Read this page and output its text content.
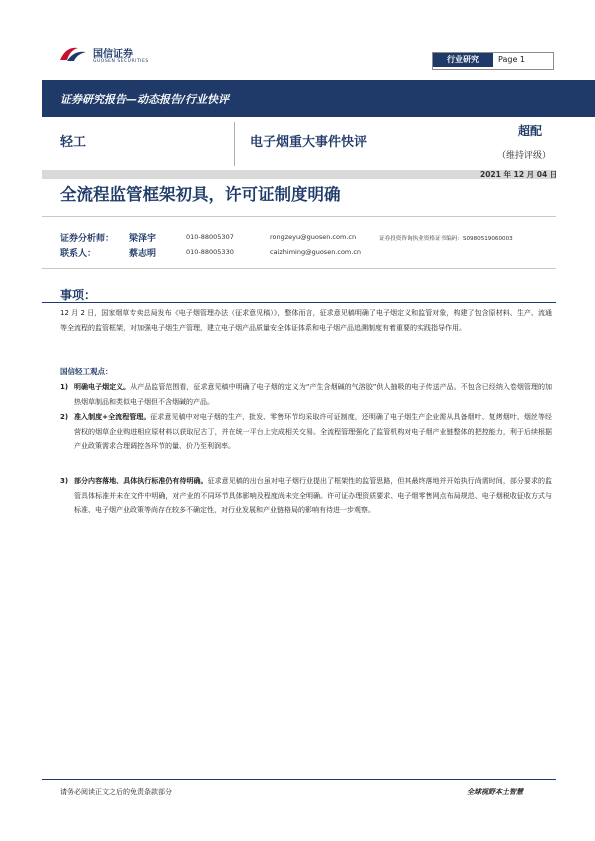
国信证券
GUOSEN SECURITIES	行业研究	Page 1
证券研究报告—动态报告/行业快评
轻工	电子烟重大事件快评
超配
（维持评级）
2021 年 12 月 04 日
全流程监管框架初具，许可证制度明确
证券分析师： 梁泽宇	010-88005307	rongzeyu@guosen.com.cn	证券投资咨询执业资格证书编码：S0980519060003
联系人：	蔡志明	010-88005330	caizhiming@guosen.com.cn
事项：
12 月 2 日，国家烟草专卖总局发布《电子烟管理办法（征求意见稿）》，整体而言，征求意见稿明确了电子烟定义和监管对象，构建了包含原材料、生产、流通等全流程的监管框架，对加强电子烟生产管理，建立电子烟产品质量安全体证体系和电子烟产品追溯制度有着重要的实践指导作用。
国信轻工观点：
1) 明确电子烟定义。从产品监管范围看，征求意见稿中明确了电子烟的定义为“产生含烟碱的气溶胶”供人抽吸的电子传送产品。不包含已经纳入卷烟管理的加热烟草制品和类似电子烟但不含烟碱的产品。
2) 准入制度+全流程管理。征求意见稿中对电子烟的生产、批发、零售环节均采取许可证制度，还明确了电子烟生产企业需从具备烟叶、复烤烟叶、烟丝等经营权的烟草企业购进相应原材料以获取尼古丁，并在统一平台上完成相关交易。全流程管理强化了监管机构对电子烟产业链整体的把控能力，利于后续根据产业政策需求合理调控各环节的量、价乃至利润率。
3) 部分内容落地、具体执行标准仍有待明确。征求意见稿的出台虽对电子烟行业提出了框架性的监管思路，但其最终落地并开始执行尚需时间，部分要求的监管具体标准并未在文件中明确，对产业的不同环节具体影响及程度尚未完全明确。许可证办理资质要求、电子烟零售网点布局规范、电子烟税收征收方式与标准、电子烟产业政策等尚存在较多不确定性，对行业发展和产业链格局的影响有待进一步观察。
请务必阅读正文之后的免责条款部分	全球视野本土智慧
